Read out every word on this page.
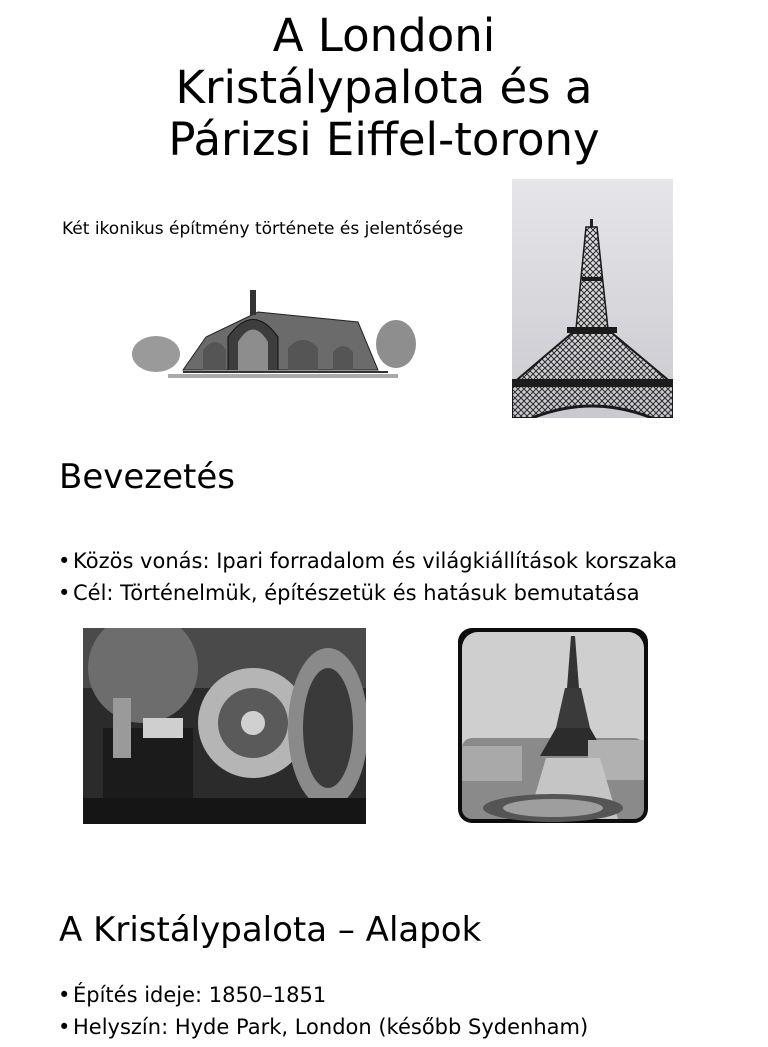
A Londoni
Kristálypalota és a
Párizsi Eiffel-torony
Két ikonikus építmény története és jelentősége
Bevezetés
• Közös vonás: Ipari forradalom és világkiállítások korszaka
• Cél: Történelmük, építészetük és hatásuk bemutatása
A Kristálypalota – Alapok
• Építés ideje: 1850–1851
• Helyszín: Hyde Park, London (később Sydenham)
